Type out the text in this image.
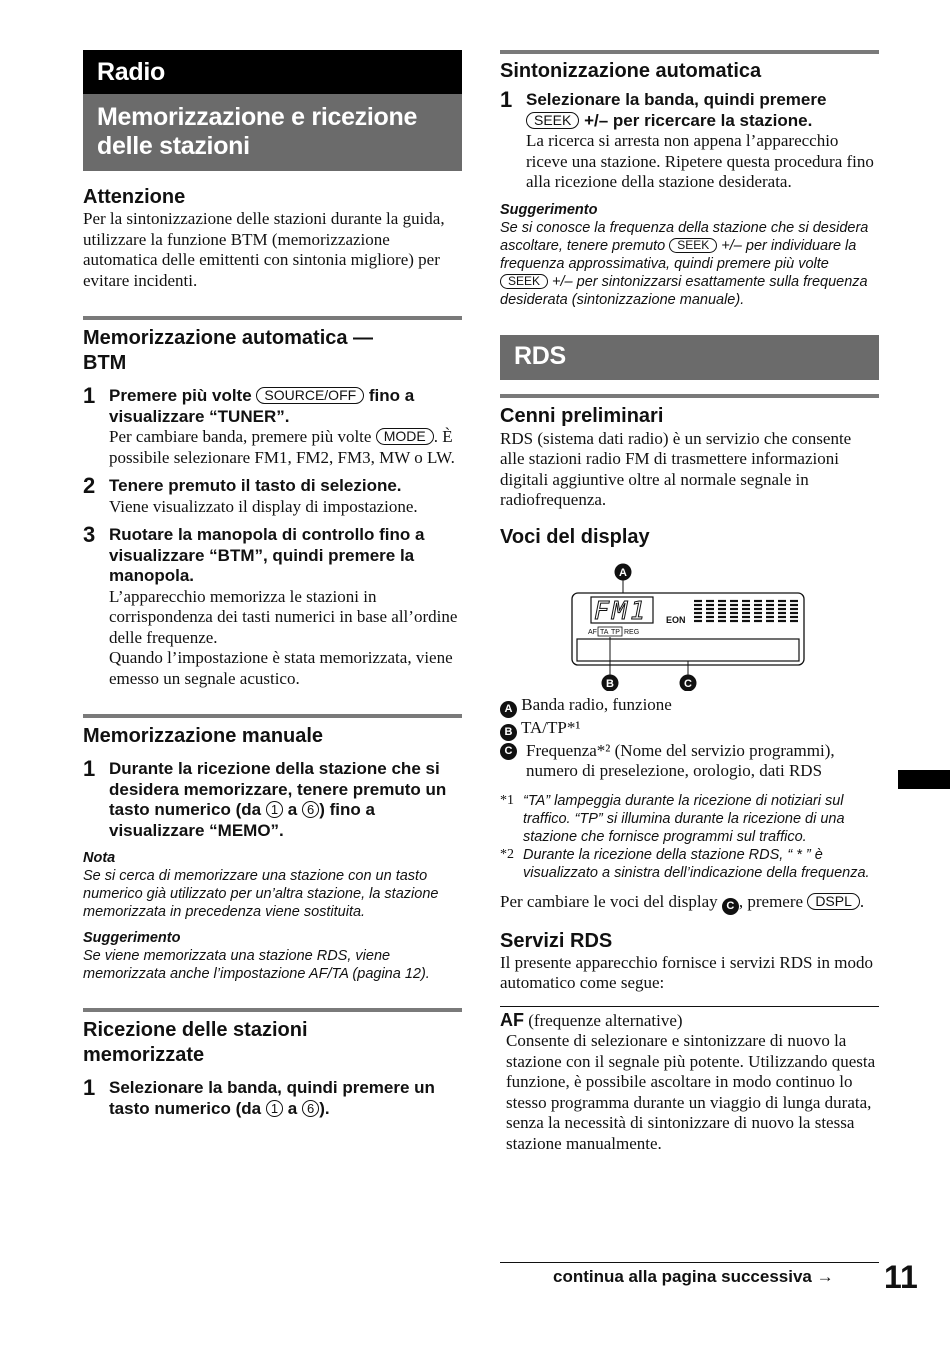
Radio
Memorizzazione e ricezione delle stazioni
Attenzione
Per la sintonizzazione delle stazioni durante la guida, utilizzare la funzione BTM (memorizzazione automatica delle emittenti con sintonia migliore) per evitare incidenti.
Memorizzazione automatica — BTM
1 Premere più volte SOURCE/OFF fino a visualizzare “TUNER”.
Per cambiare banda, premere più volte MODE . È possibile selezionare FM1, FM2, FM3, MW o LW.
2 Tenere premuto il tasto di selezione.
Viene visualizzato il display di impostazione.
3 Ruotare la manopola di controllo fino a visualizzare “BTM”, quindi premere la manopola.
L’apparecchio memorizza le stazioni in corrispondenza dei tasti numerici in base all’ordine delle frequenze.
Quando l’impostazione è stata memorizzata, viene emesso un segnale acustico.
Memorizzazione manuale
1 Durante la ricezione della stazione che si desidera memorizzare, tenere premuto un tasto numerico (da 1 a 6 ) fino a visualizzare “MEMO”.
Nota
Se si cerca di memorizzare una stazione con un tasto numerico già utilizzato per un’altra stazione, la stazione memorizzata in precedenza viene sostituita.
Suggerimento
Se viene memorizzata una stazione RDS, viene memorizzata anche l’impostazione AF/TA (pagina 12).
Ricezione delle stazioni memorizzate
1 Selezionare la banda, quindi premere un tasto numerico (da 1 a 6 ).
Sintonizzazione automatica
1 Selezionare la banda, quindi premere SEEK +/– per ricercare la stazione.
La ricerca si arresta non appena l’apparecchio riceve una stazione. Ripetere questa procedura fino alla ricezione della stazione desiderata.
Suggerimento
Se si conosce la frequenza della stazione che si desidera ascoltare, tenere premuto SEEK +/– per individuare la frequenza approssimativa, quindi premere più volte SEEK +/– per sintonizzarsi esattamente sulla frequenza desiderata (sintonizzazione manuale).
RDS
Cenni preliminari
RDS (sistema dati radio) è un servizio che consente alle stazioni radio FM di trasmettere informazioni digitali aggiuntive oltre al normale segnale in radiofrequenza.
Voci del display
A
FM1 EON
AF TA TP REG
B	C
A Banda radio, funzione
B TA/TP*¹
C Frequenza*² (Nome del servizio programmi), numero di preselezione, orologio, dati RDS
*1 “TA” lampeggia durante la ricezione di notiziari sul traffico. “TP” si illumina durante la ricezione di una stazione che fornisce programmi sul traffico.
*2 Durante la ricezione della stazione RDS, “ * ” è visualizzato a sinistra dell’indicazione della frequenza.
Per cambiare le voci del display C , premere DSPL .
Servizi RDS
Il presente apparecchio fornisce i servizi RDS in modo automatico come segue:
AF (frequenze alternative)
Consente di selezionare e sintonizzare di nuovo la stazione con il segnale più potente. Utilizzando questa funzione, è possibile ascoltare in modo continuo lo stesso programma durante un viaggio di lunga durata, senza la necessità di sintonizzare di nuovo la stessa stazione manualmente.
continua alla pagina successiva → 11
